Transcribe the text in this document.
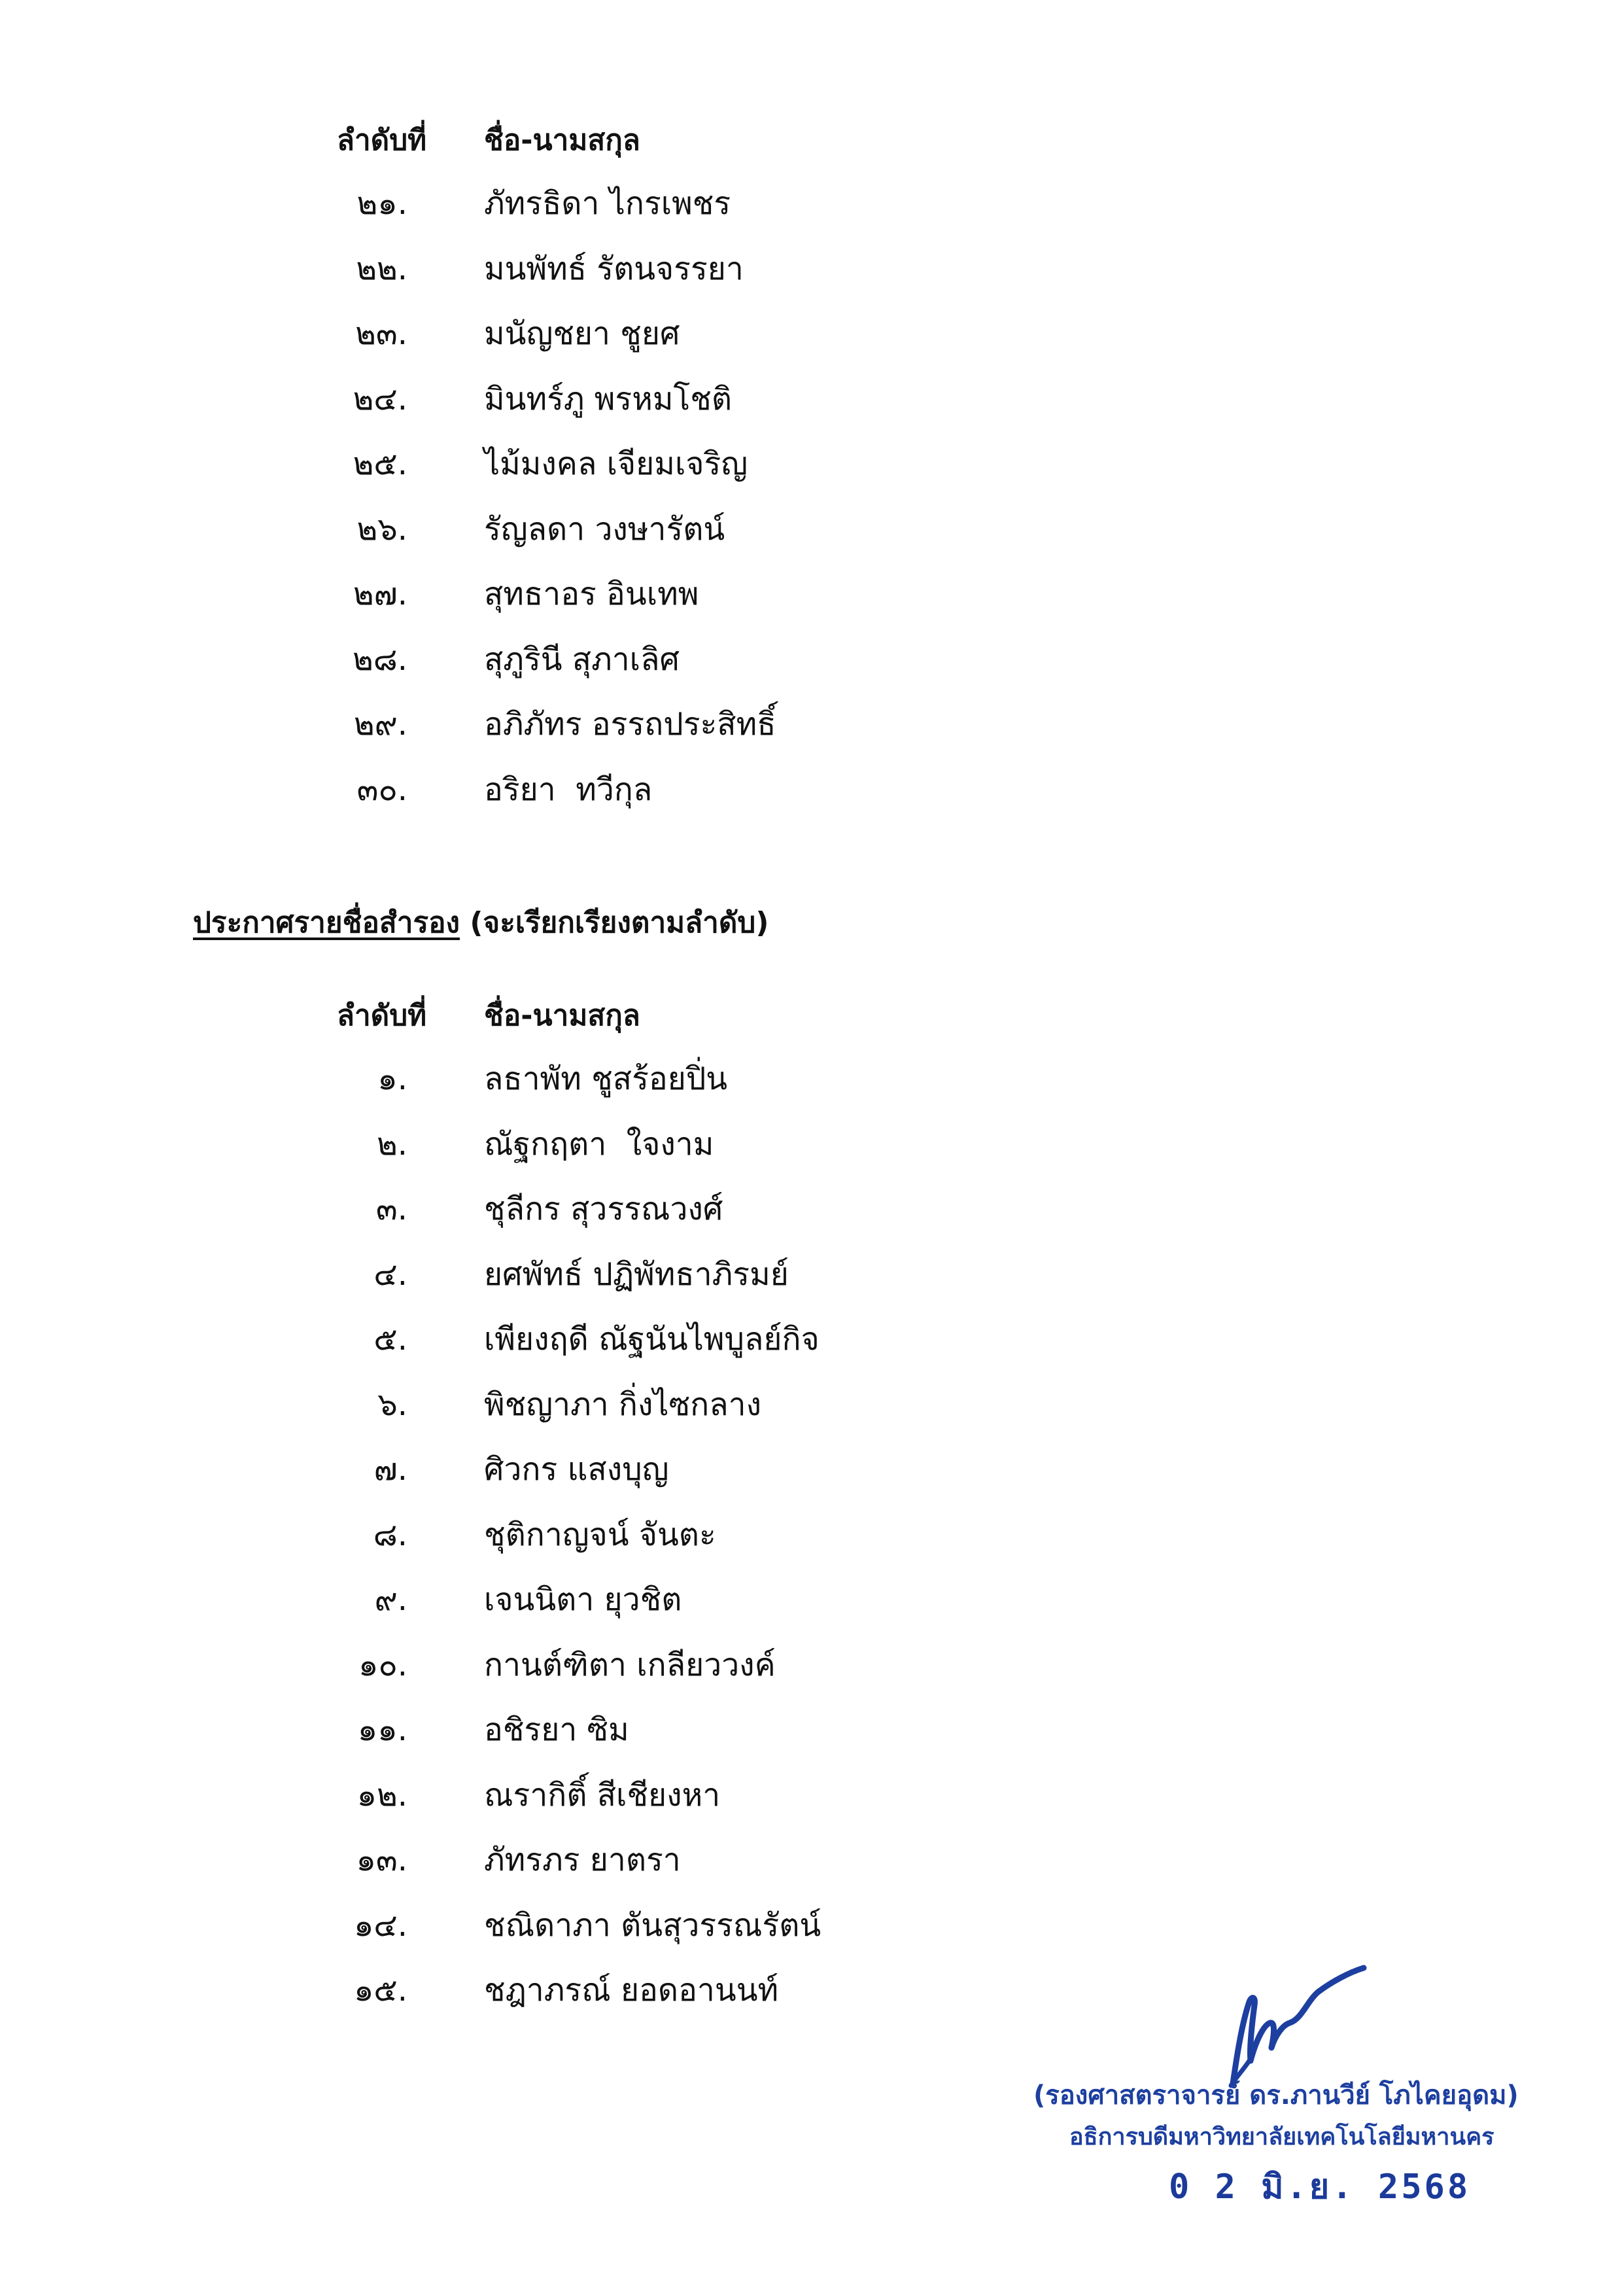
ลำดับที่	ชื่อ-นามสกุล
๒๑. ภัทรธิดา ไกรเพชร
๒๒. มนพัทธ์ รัตนจรรยา
๒๓. มนัญชยา ชูยศ
๒๔. มินทร์ภู พรหมโชติ
๒๕. ไม้มงคล เจียมเจริญ
๒๖. รัญลดา วงษารัตน์
๒๗. สุทธาอร อินเทพ
๒๘. สุภูรินี สุภาเลิศ
๒๙. อภิภัทร อรรถประสิทธิ์
๓๐. อริยา  ทวีกุล
ประกาศรายชื่อสำรอง (จะเรียกเรียงตามลำดับ)
ลำดับที่	ชื่อ-นามสกุล
๑. ลธาพัท ชูสร้อยปิ่น
๒. ณัฐกฤตา  ใจงาม
๓. ชุลีกร สุวรรณวงศ์
๔. ยศพัทธ์ ปฏิพัทธาภิรมย์
๕. เพียงฤดี ณัฐนันไพบูลย์กิจ
๖. พิชญาภา กิ่งไซกลาง
๗. ศิวกร แสงบุญ
๘. ชุติกาญจน์ จันตะ
๙. เจนนิตา ยุวชิต
๑๐. กานต์ฑิตา เกลียววงค์
๑๑. อชิรยา ซิม
๑๒. ณรากิติ์ สีเชียงหา
๑๓. ภัทรภร ยาตรา
๑๔. ชณิดาภา ตันสุวรรณรัตน์
๑๕. ชฎาภรณ์ ยอดอานนท์
(รองศาสตราจารย์ ดร.ภานวีย์ โภไคยอุดม)
อธิการบดีมหาวิทยาลัยเทคโนโลยีมหานคร
0 2 มิ.ย. 2568
